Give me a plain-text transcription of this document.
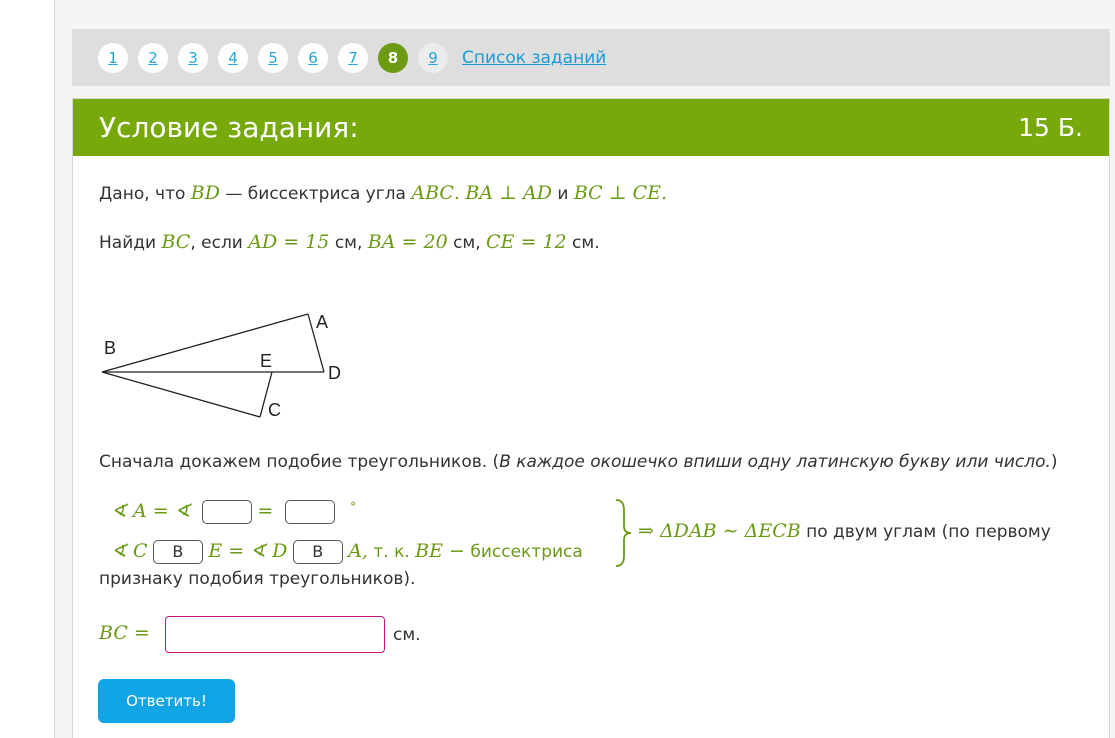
1	2	3	4	5	6	7	8	9	Список заданий
Условие задания:	15 Б.
Дано, что BD — биссектриса угла ABC. BA ⊥ AD и BC ⊥ CE.
Найди BC, если AD = 15 см, BA = 20 см, CE = 12 см.
B
A
E
D
C
Сначала докажем подобие треугольников. (В каждое окошечко впиши одну латинскую букву или число.)
∢ A = ∢	=	°
∢ C B E = ∢ D B A, т. к. BE − биссектриса
⇒ ΔDAB ∼ ΔECB по двум углам (по первому
признаку подобия треугольников).
BC =	см.
Ответить!
